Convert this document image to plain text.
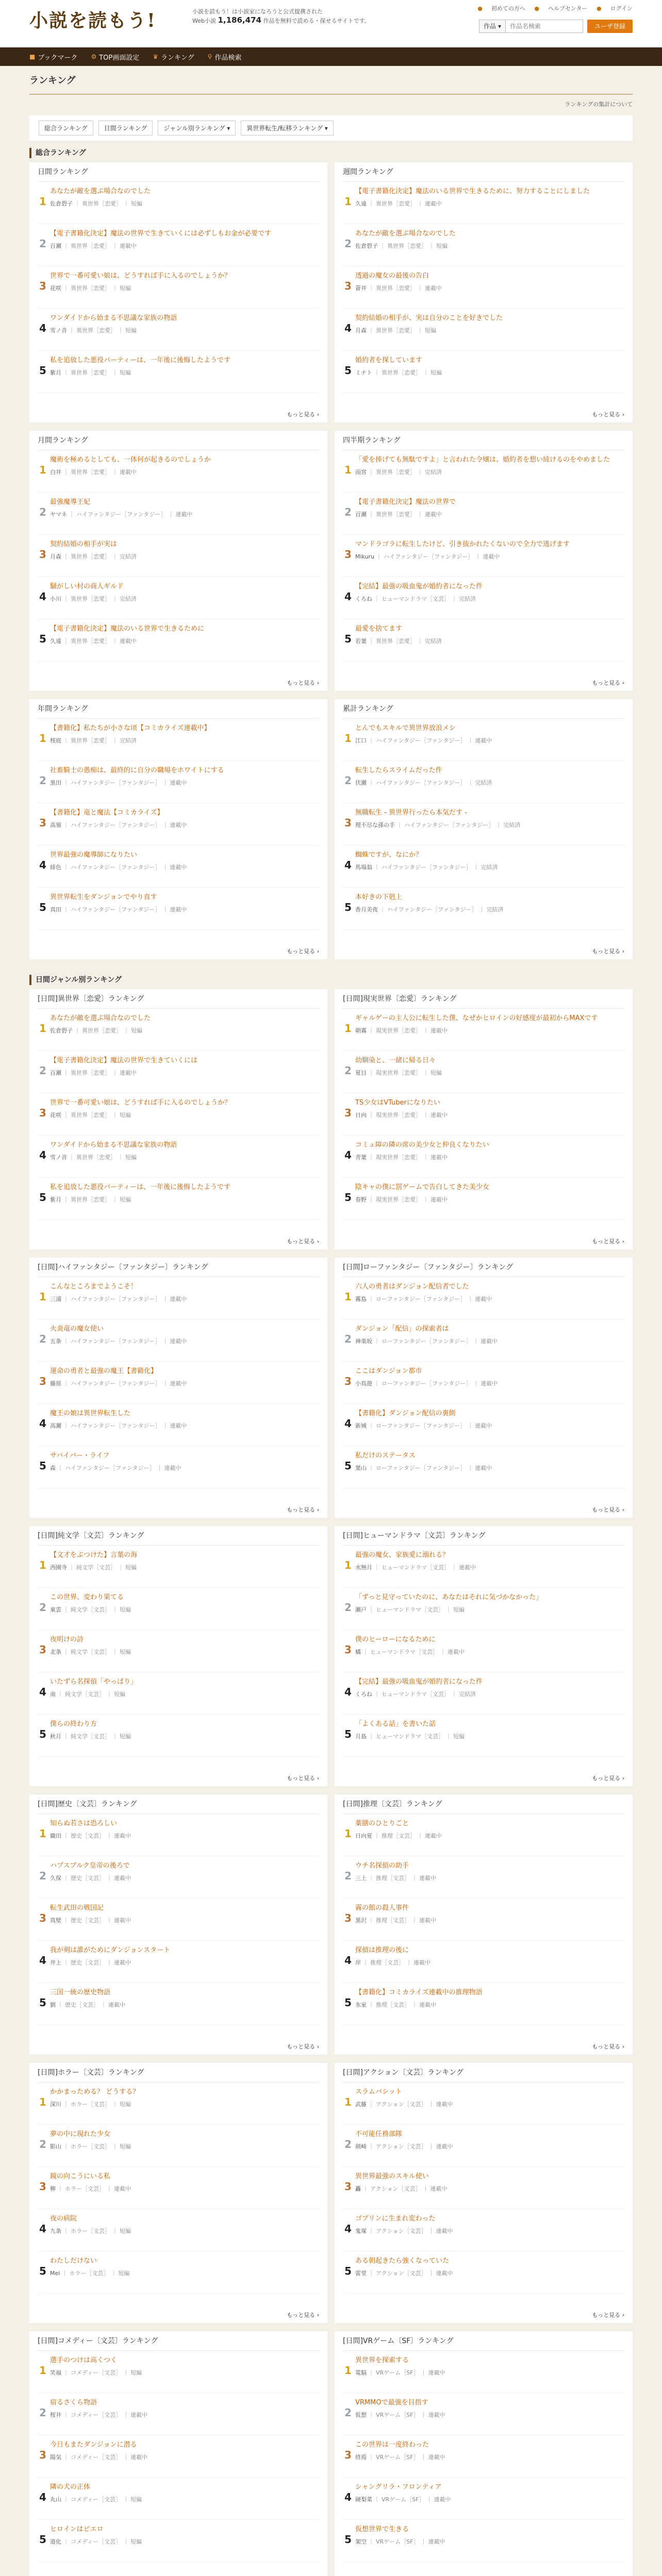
小説を読もう!	小説を読もう！は小説家になろうと公式提携された
Web小説 1,186,474 作品を無料で読める・探せるサイトです。
● 初めての方へ ● ヘルプセンター ● ログイン
作品 ▾
作品名検索	ユーザ登録
■ ブックマーク ⚙ TOP画面設定 ♛ ランキング ⚲ 作品検索
ランキング
ランキングの集計について
総合ランキング	日間ランキング	ジャンル別ランキング ▾	異世界転生/転移ランキング ▾
総合ランキング
日間ランキング
1
あなたが敵を選ぶ場合なのでした
佐倉碧子 ｜ 異世界［恋愛］ ｜ 短編
2
【電子書籍化決定】魔法の世界で生きていくには必ずしもお金が必要です
百瀬 ｜ 異世界［恋愛］ ｜ 連載中
3
世界で一番可愛い娘は、どうすれば手に入るのでしょうか？
花咲 ｜ 異世界［恋愛］ ｜ 短編
4
ワンダイドから始まる不思議な家族の物語
雪ノ音 ｜ 異世界［恋愛］ ｜ 短編
5
私を追放した悪役パーティーは、一年後に後悔したようです
紫月 ｜ 異世界［恋愛］ ｜ 短編
もっと見る ›
週間ランキング
1
【電子書籍化決定】魔法のいる世界で生きるために、努力することにしました
久遠 ｜ 異世界［恋愛］ ｜ 連載中
2
あなたが敵を選ぶ場合なのでした
佐倉碧子 ｜ 異世界［恋愛］ ｜ 短編
3
透過の魔女の最後の告白
蒼井 ｜ 異世界［恋愛］ ｜ 連載中
4
契約結婚の相手が、実は自分のことを好きでした
月森 ｜ 異世界［恋愛］ ｜ 短編
5
婚約者を探しています
ミナト ｜ 異世界［恋愛］ ｜ 短編
もっと見る ›
月間ランキング
1
魔術を極めるとしても、一体何が起きるのでしょうか
白井 ｜ 異世界［恋愛］ ｜ 連載中
2
最強魔導王妃
ヤマネ ｜ ハイファンタジー［ファンタジー］ ｜ 連載中
3
契約結婚の相手が実は
月森 ｜ 異世界［恋愛］ ｜ 完結済
4
騒がしい村の商人ギルド
小川 ｜ 異世界［恋愛］ ｜ 完結済
5
【電子書籍化決定】魔法のいる世界で生きるために
久遠 ｜ 異世界［恋愛］ ｜ 連載中
もっと見る ›
四半期ランキング
1
「愛を捧げても無駄ですよ」と言われた令嬢は、婚約者を想い続けるのをやめました
雨宮 ｜ 異世界［恋愛］ ｜ 完結済
2
【電子書籍化決定】魔法の世界で
百瀬 ｜ 異世界［恋愛］ ｜ 連載中
3
マンドラゴラに転生したけど、引き抜かれたくないので全力で逃げます
Mikuru ｜ ハイファンタジー［ファンタジー］ ｜ 連載中
4
【完結】最強の吸血鬼が婚約者になった件
くろね ｜ ヒューマンドラマ［文芸］ ｜ 完結済
5
最愛を捨てます
若葉 ｜ 異世界［恋愛］ ｜ 完結済
もっと見る ›
年間ランキング
1
【書籍化】私たちが小さな頃【コミカライズ連載中】
桜庭 ｜ 異世界［恋愛］ ｜ 完結済
2
社畜騎士の愚痴は、最終的に自分の職場をホワイトにする
黒田 ｜ ハイファンタジー［ファンタジー］ ｜ 連載中
3
【書籍化】竜と魔法【コミカライズ】
高嶺 ｜ ハイファンタジー［ファンタジー］ ｜ 連載中
4
世界最強の魔導師になりたい
緋色 ｜ ハイファンタジー［ファンタジー］ ｜ 連載中
5
異世界転生をダンジョンでやり直す
真田 ｜ ハイファンタジー［ファンタジー］ ｜ 連載中
もっと見る ›
累計ランキング
1
とんでもスキルで異世界放浪メシ
江口 ｜ ハイファンタジー［ファンタジー］ ｜ 連載中
2
転生したらスライムだった件
伏瀬 ｜ ハイファンタジー［ファンタジー］ ｜ 完結済
3
無職転生 - 異世界行ったら本気だす -
理不尽な孫の手 ｜ ハイファンタジー［ファンタジー］ ｜ 完結済
4
蜘蛛ですが、なにか？
馬場翁 ｜ ハイファンタジー［ファンタジー］ ｜ 完結済
5
本好きの下剋上
香月美夜 ｜ ハイファンタジー［ファンタジー］ ｜ 完結済
もっと見る ›
日間ジャンル別ランキング
[日間]異世界〔恋愛〕ランキング
1
あなたが敵を選ぶ場合なのでした
佐倉碧子 ｜ 異世界［恋愛］ ｜ 短編
2
【電子書籍化決定】魔法の世界で生きていくには
百瀬 ｜ 異世界［恋愛］ ｜ 連載中
3
世界で一番可愛い娘は、どうすれば手に入るのでしょうか？
花咲 ｜ 異世界［恋愛］ ｜ 短編
4
ワンダイドから始まる不思議な家族の物語
雪ノ音 ｜ 異世界［恋愛］ ｜ 短編
5
私を追放した悪役パーティーは、一年後に後悔したようです
紫月 ｜ 異世界［恋愛］ ｜ 短編
もっと見る ›
[日間]現実世界〔恋愛〕ランキング
1
ギャルゲーの主人公に転生した僕、なぜかヒロインの好感度が最初からMAXです
朝霧 ｜ 現実世界［恋愛］ ｜ 連載中
2
幼馴染と、一緒に帰る日々
夏目 ｜ 現実世界［恋愛］ ｜ 短編
3
TS少女はVTuberになりたい
日向 ｜ 現実世界［恋愛］ ｜ 連載中
4
コミュ障の隣の席の美少女と仲良くなりたい
青葉 ｜ 現実世界［恋愛］ ｜ 連載中
5
陰キャの僕に罰ゲームで告白してきた美少女
春野 ｜ 現実世界［恋愛］ ｜ 連載中
もっと見る ›
[日間]ハイファンタジー〔ファンタジー〕ランキング
1
こんなところまでようこそ！
三浦 ｜ ハイファンタジー［ファンタジー］ ｜ 連載中
2
火炎竜の魔女使い
五条 ｜ ハイファンタジー［ファンタジー］ ｜ 連載中
3
運命の勇者と最強の魔王【書籍化】
藤原 ｜ ハイファンタジー［ファンタジー］ ｜ 連載中
4
魔王の娘は異世界転生した
高瀬 ｜ ハイファンタジー［ファンタジー］ ｜ 連載中
5
サバイバー・ライフ
森 ｜ ハイファンタジー［ファンタジー］ ｜ 連載中
もっと見る ›
[日間]ローファンタジー〔ファンタジー〕ランキング
1
六人の勇者はダンジョン配信者でした
霧島 ｜ ローファンタジー［ファンタジー］ ｜ 連載中
2
ダンジョン「配信」の探索者は
神楽坂 ｜ ローファンタジー［ファンタジー］ ｜ 連載中
3
ここはダンジョン都市
小鳥遊 ｜ ローファンタジー［ファンタジー］ ｜ 連載中
4
【書籍化】ダンジョン配信の裏側
新城 ｜ ローファンタジー［ファンタジー］ ｜ 連載中
5
私だけのステータス
葉山 ｜ ローファンタジー［ファンタジー］ ｜ 連載中
もっと見る ›
[日間]純文学〔文芸〕ランキング
1
【文才をぶつけた】言葉の海
西園寺 ｜ 純文学［文芸］ ｜ 短編
2
この世界、変わり果てる
東雲 ｜ 純文学［文芸］ ｜ 短編
3
夜明けの詩
北条 ｜ 純文学［文芸］ ｜ 短編
4
いたずら名探偵「やっぱり」
南 ｜ 純文学［文芸］ ｜ 短編
5
僕らの終わり方
秋月 ｜ 純文学［文芸］ ｜ 短編
もっと見る ›
[日間]ヒューマンドラマ〔文芸〕ランキング
1
最強の魔女、家族愛に溺れる？
水無月 ｜ ヒューマンドラマ［文芸］ ｜ 連載中
2
「ずっと見守っていたのに、あなたはそれに気づかなかった」
瀬戸 ｜ ヒューマンドラマ［文芸］ ｜ 短編
3
僕のヒーローになるために
橘 ｜ ヒューマンドラマ［文芸］ ｜ 連載中
4
【完結】最強の吸血鬼が婚約者になった件
くろね ｜ ヒューマンドラマ［文芸］ ｜ 完結済
5
「よくある話」を書いた話
月島 ｜ ヒューマンドラマ［文芸］ ｜ 短編
もっと見る ›
[日間]歴史〔文芸〕ランキング
1
知らぬ若さは恐ろしい
織田 ｜ 歴史［文芸］ ｜ 連載中
2
ハプスブルク皇帝の後ろで
久保 ｜ 歴史［文芸］ ｜ 連載中
3
転生武田の戦国記
真壁 ｜ 歴史［文芸］ ｜ 連載中
4
我が剣は誰がためにダンジョンスタート
井上 ｜ 歴史［文芸］ ｜ 連載中
5
三国一統の歴史物語
劉 ｜ 歴史［文芸］ ｜ 連載中
もっと見る ›
[日間]推理〔文芸〕ランキング
1
薬膳のひとりごと
日向夏 ｜ 推理［文芸］ ｜ 連載中
2
ウチ名探偵の助手
三上 ｜ 推理［文芸］ ｜ 連載中
3
霧の館の殺人事件
黒沢 ｜ 推理［文芸］ ｜ 連載中
4
探偵は推理の後に
岸 ｜ 推理［文芸］ ｜ 連載中
5
【書籍化】コミカライズ連載中の推理物語
氷室 ｜ 推理［文芸］ ｜ 連載中
もっと見る ›
[日間]ホラー〔文芸〕ランキング
1
かかまっためる？ どうする？
深川 ｜ ホラー［文芸］ ｜ 短編
2
夢の中に現れた少女
影山 ｜ ホラー［文芸］ ｜ 短編
3
鏡の向こうにいる私
柳 ｜ ホラー［文芸］ ｜ 連載中
4
夜の病院
九条 ｜ ホラー［文芸］ ｜ 短編
5
わたしだけない
Mei ｜ ホラー［文芸］ ｜ 短編
もっと見る ›
[日間]アクション〔文芸〕ランキング
1
スラムバシット
武藤 ｜ アクション［文芸］ ｜ 連載中
2
不可能任務部隊
剣崎 ｜ アクション［文芸］ ｜ 連載中
3
異世界最強のスキル使い
轟 ｜ アクション［文芸］ ｜ 連載中
4
ゴブリンに生まれ変わった
鬼塚 ｜ アクション［文芸］ ｜ 連載中
5
ある朝起きたら強くなっていた
雷堂 ｜ アクション［文芸］ ｜ 連載中
もっと見る ›
[日間]コメディー〔文芸〕ランキング
1
選手のつけは高くつく
笑福 ｜ コメディー［文芸］ ｜ 短編
2
宿るさくら物語
桜井 ｜ コメディー［文芸］ ｜ 連載中
3
今日もまたダンジョンに潜る
陽気 ｜ コメディー［文芸］ ｜ 連載中
4
隣の犬の正体
丸山 ｜ コメディー［文芸］ ｜ 短編
5
ヒロインはピエロ
道化 ｜ コメディー［文芸］ ｜ 短編
[日間]VRゲーム〔SF〕ランキング
1
異世界を探索する
電脳 ｜ VRゲーム［SF］ ｜ 連載中
2
VRMMOで最強を目指す
仮想 ｜ VRゲーム［SF］ ｜ 連載中
3
この世界は一度終わった
終焉 ｜ VRゲーム［SF］ ｜ 連載中
4
シャングリラ・フロンティア
硬梨菜 ｜ VRゲーム［SF］ ｜ 連載中
5
仮想世界で生きる
架空 ｜ VRゲーム［SF］ ｜ 連載中
